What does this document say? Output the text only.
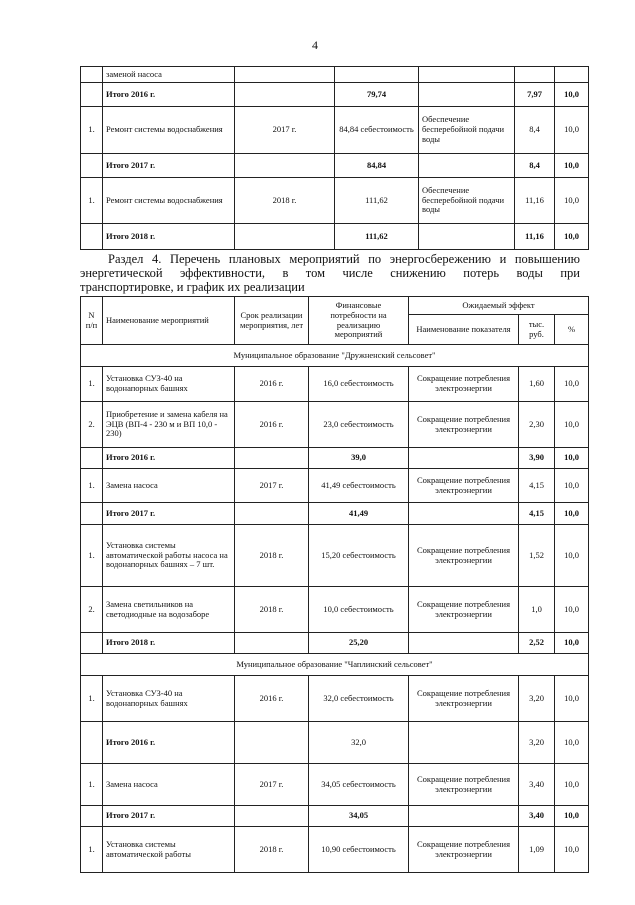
4
	заменой насоса					
	Итого 2016 г.		79,74		7,97	10,0
1.	Ремонт системы водоснабжения	2017 г.	84,84 себестоимость	Обеспечение бесперебойной подачи воды	8,4	10,0
	Итого 2017 г.		84,84		8,4	10,0
1.	Ремонт системы водоснабжения	2018 г.	111,62	Обеспечение бесперебойной подачи воды	11,16	10,0
	Итого 2018 г.		111,62		11,16	10,0
Раздел 4. Перечень плановых мероприятий по энергосбережению и повышению
энергетической эффективности, в том числе снижению потерь воды при
транспортировке, и график их реализации
N п/п	Наименование мероприятий	Срок реализации мероприятия, лет	Финансовые потребности на реализацию мероприятий	Ожидаемый эффект		
				Наименование показателя	тыс. руб.	%
Муниципальное образование "Дружненский сельсовет"						
1.	Установка СУЗ-40 на водонапорных башнях	2016 г.	16,0 себестоимость	Сокращение потребления электроэнергии	1,60	10,0
2.	Приобретение и замена кабеля на ЭЦВ (ВП-4 - 230 м и ВП 10,0 - 230)	2016 г.	23,0 себестоимость	Сокращение потребления электроэнергии	2,30	10,0
	Итого 2016 г.		39,0		3,90	10,0
1.	Замена насоса	2017 г.	41,49 себестоимость	Сокращение потребления электроэнергии	4,15	10,0
	Итого 2017 г.		41,49		4,15	10,0
1.	Установка системы автоматической работы насоса на водонапорных башнях – 7 шт.	2018 г.	15,20 себестоимость	Сокращение потребления электроэнергии	1,52	10,0
2.	Замена светильников на светодиодные на водозаборе	2018 г.	10,0 себестоимость	Сокращение потребления электроэнергии	1,0	10,0
	Итого 2018 г.		25,20		2,52	10,0
Муниципальное образование "Чаплинский сельсовет"						
1.	Установка СУЗ-40 на водонапорных башнях	2016 г.	32,0 себестоимость	Сокращение потребления электроэнергии	3,20	10,0
	Итого 2016 г.		32,0		3,20	10,0
1.	Замена насоса	2017 г.	34,05 себестоимость	Сокращение потребления электроэнергии	3,40	10,0
	Итого 2017 г.		34,05		3,40	10,0
1.	Установка системы автоматической работы	2018 г.	10,90 себестоимость	Сокращение потребления электроэнергии	1,09	10,0
